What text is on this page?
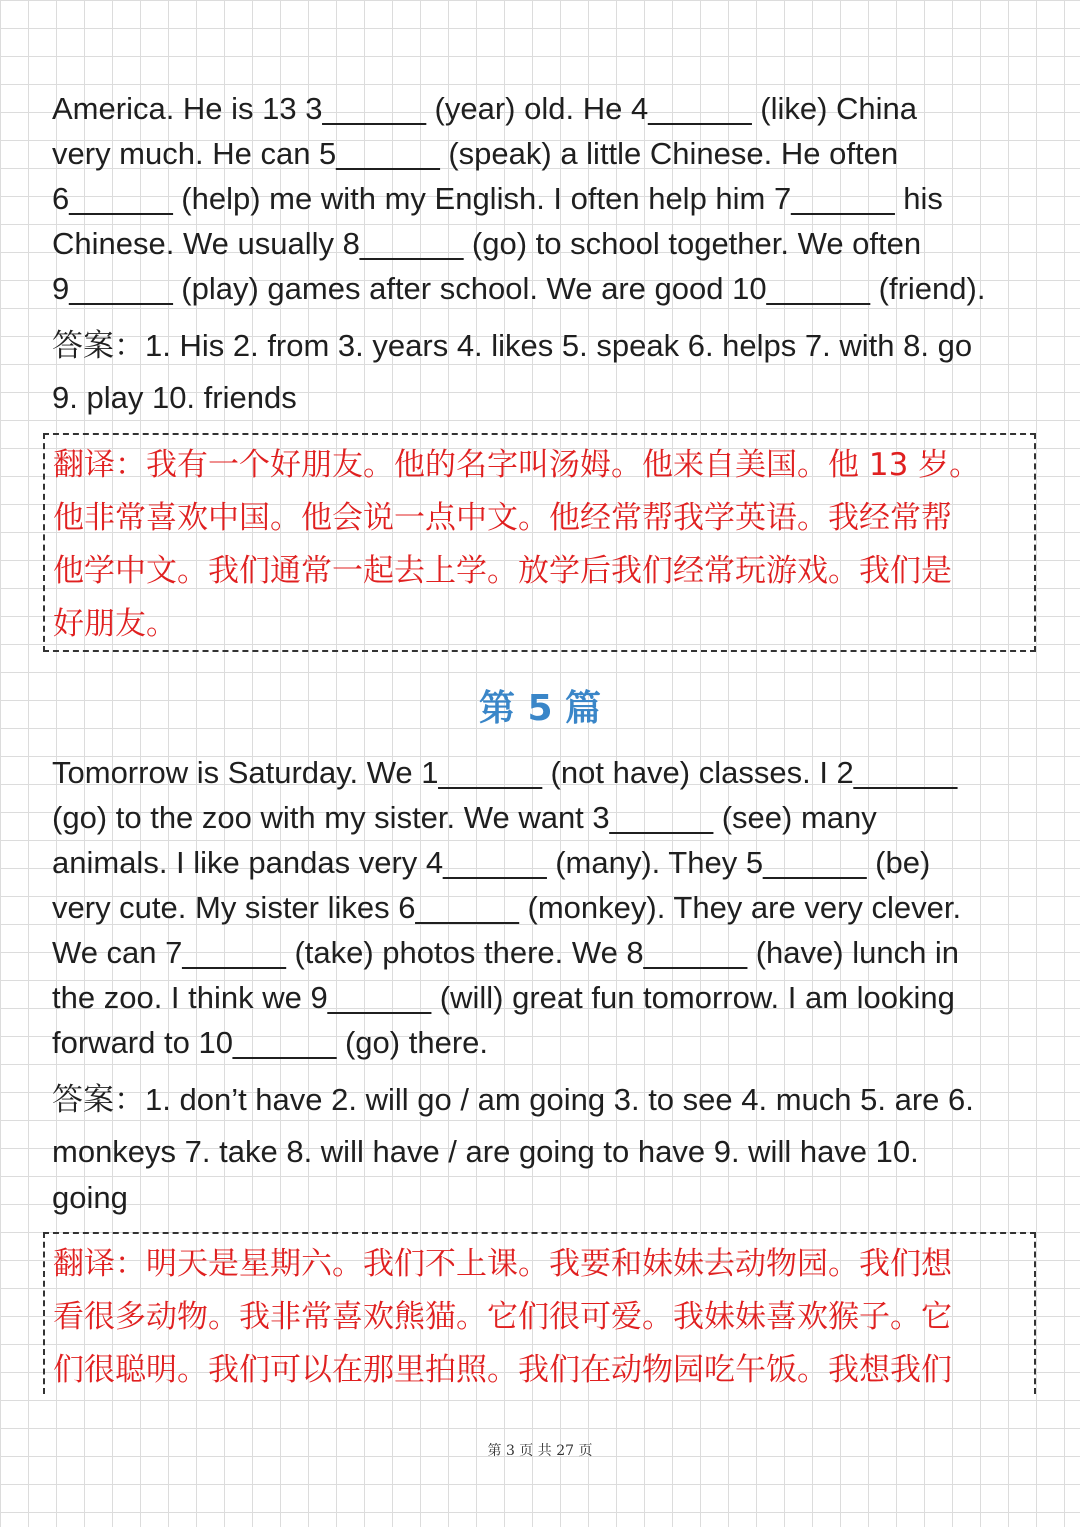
America. He is 13 3______ (year) old. He 4______ (like) China
very much. He can 5______ (speak) a little Chinese. He often
6______ (help) me with my English. I often help him 7______ his
Chinese. We usually 8______ (go) to school together. We often
9______ (play) games after school. We are good 10______ (friend).
答案：1. His 2. from 3. years 4. likes 5. speak 6. helps 7. with 8. go
9. play 10. friends
翻译：我有一个好朋友。他的名字叫汤姆。他来自美国。他 13 岁。
他非常喜欢中国。他会说一点中文。他经常帮我学英语。我经常帮
他学中文。我们通常一起去上学。放学后我们经常玩游戏。我们是
好朋友。
第 5 篇
Tomorrow is Saturday. We 1______ (not have) classes. I 2______
(go) to the zoo with my sister. We want 3______ (see) many
animals. I like pandas very 4______ (many). They 5______ (be)
very cute. My sister likes 6______ (monkey). They are very clever.
We can 7______ (take) photos there. We 8______ (have) lunch in
the zoo. I think we 9______ (will) great fun tomorrow. I am looking
forward to 10______ (go) there.
答案：1. don’t have 2. will go / am going 3. to see 4. much 5. are 6.
monkeys 7. take 8. will have / are going to have 9. will have 10.
going
翻译：明天是星期六。我们不上课。我要和妹妹去动物园。我们想
看很多动物。我非常喜欢熊猫。它们很可爱。我妹妹喜欢猴子。它
们很聪明。我们可以在那里拍照。我们在动物园吃午饭。我想我们
第 3 页 共 27 页
